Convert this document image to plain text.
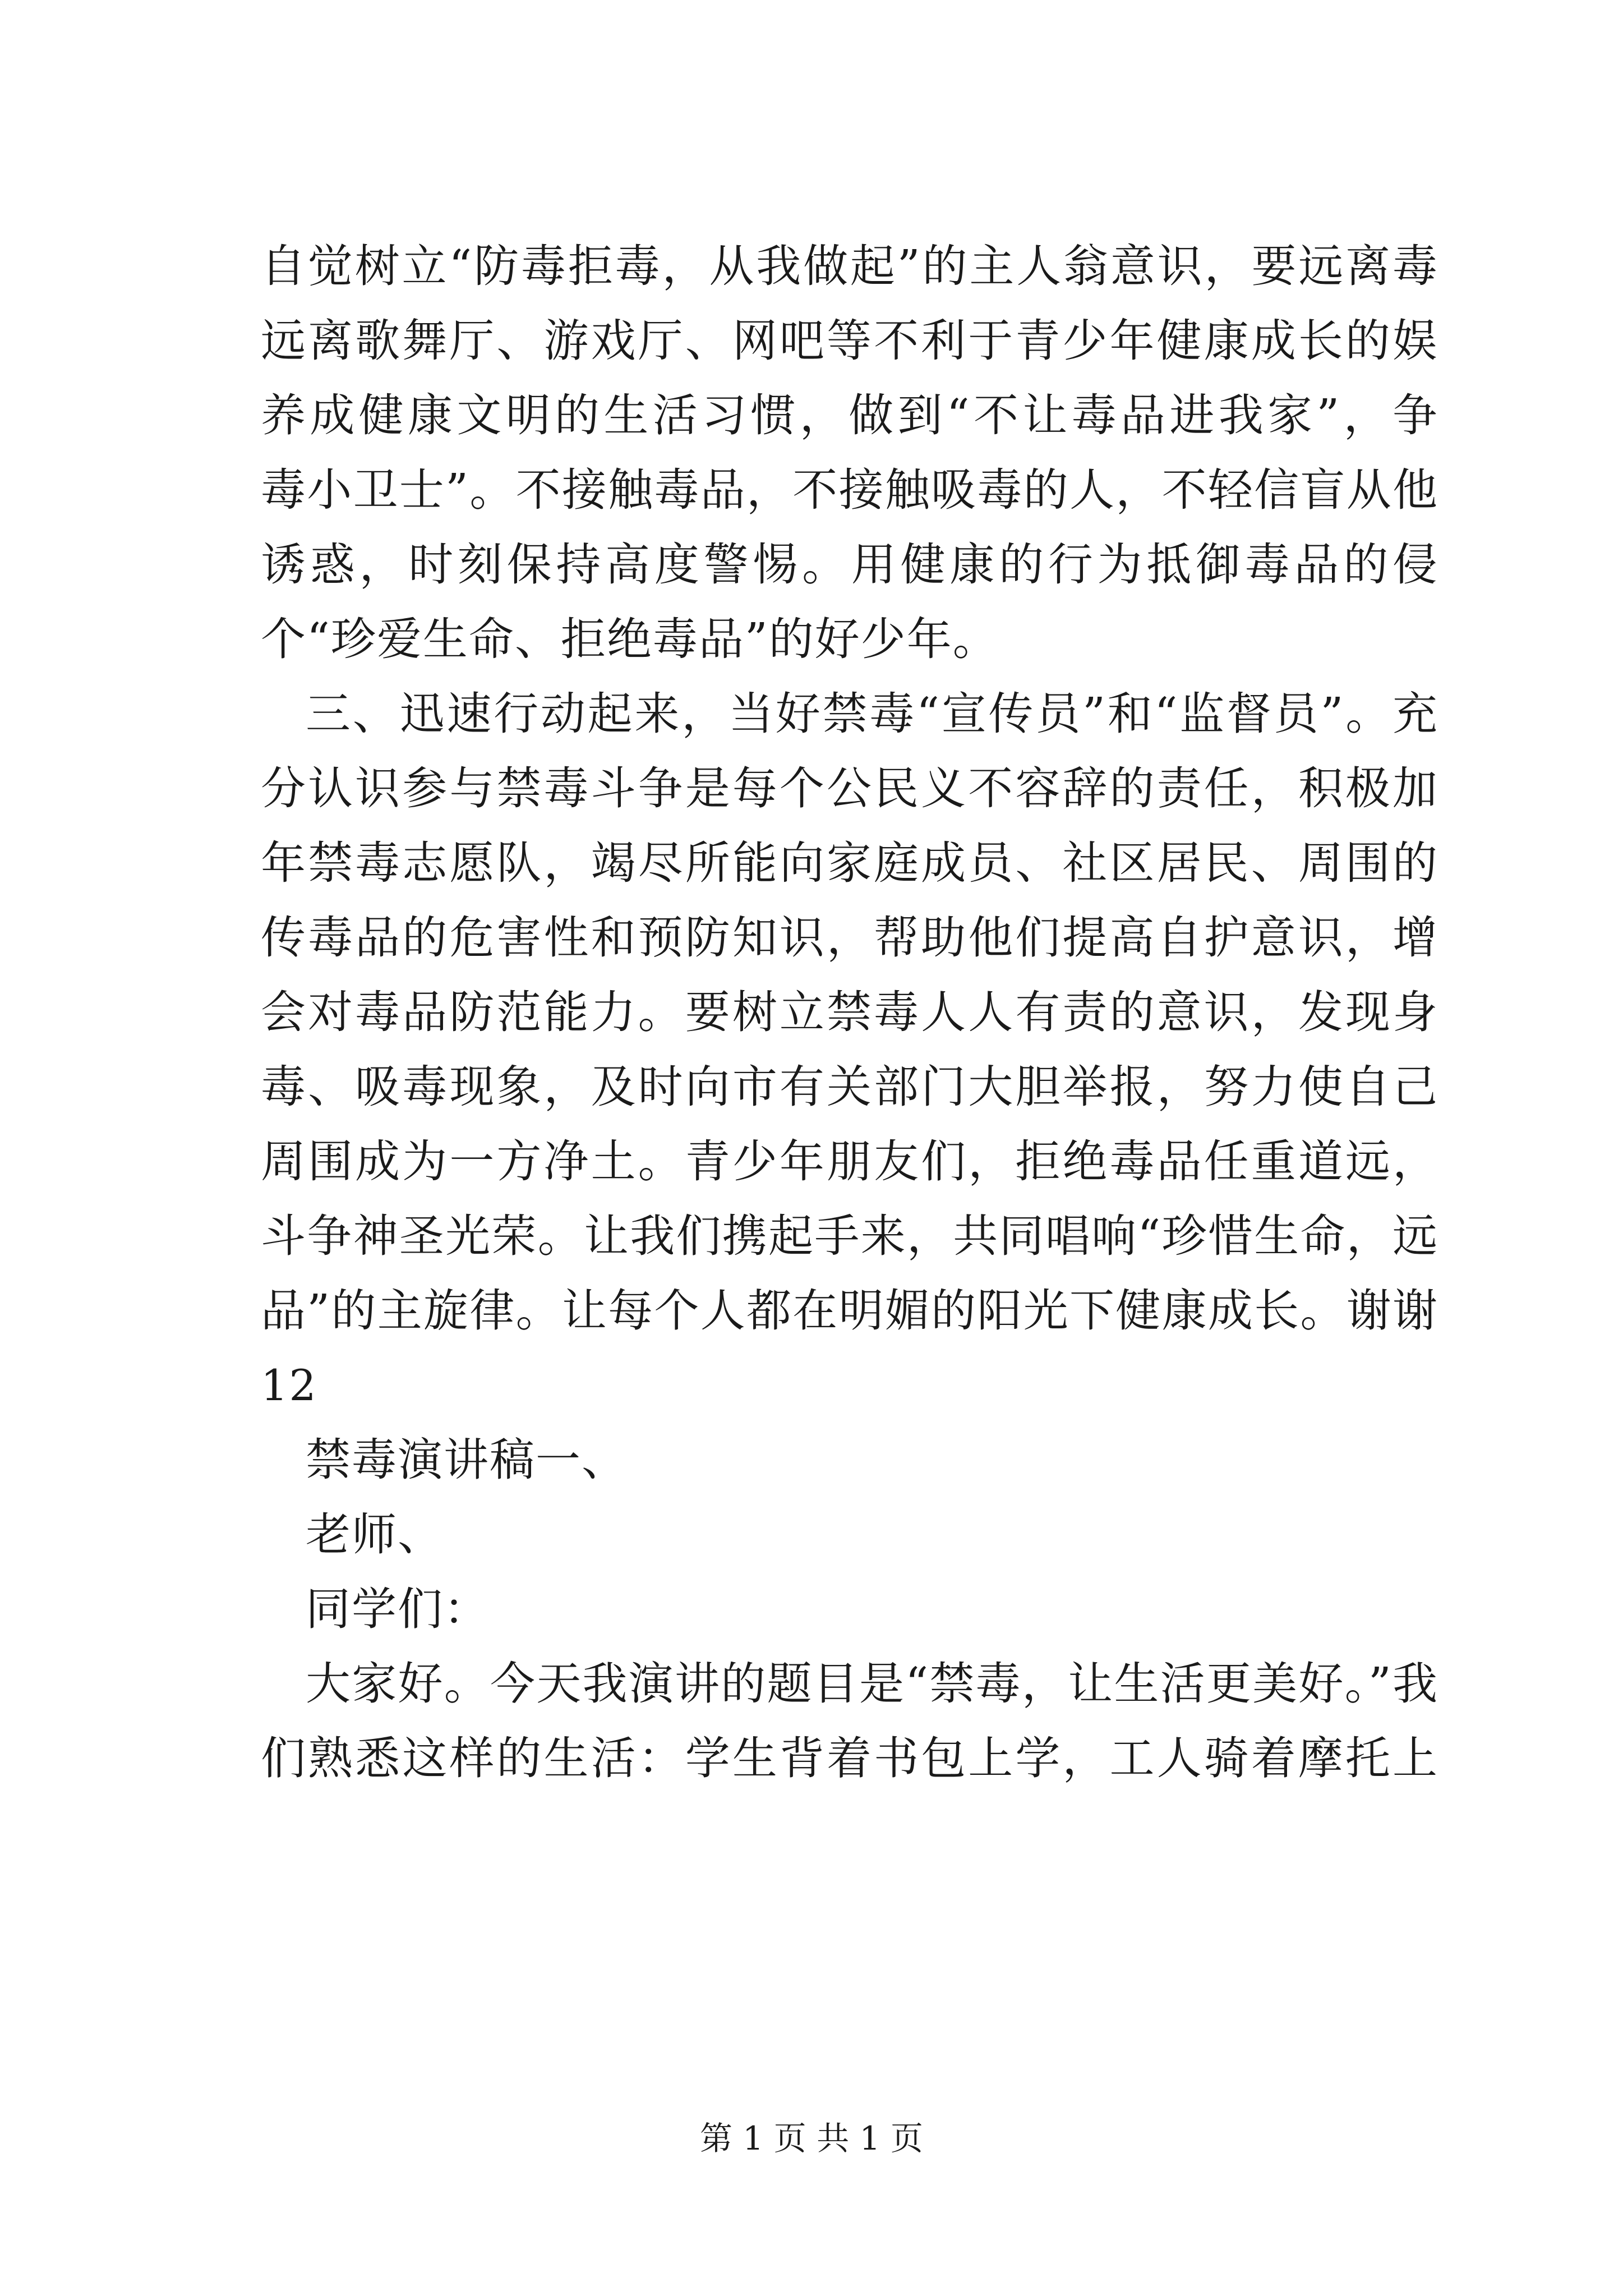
自觉树立“防毒拒毒，从我做起”的主人翁意识，要远离毒
远离歌舞厅、游戏厅、网吧等不利于青少年健康成长的娱
养成健康文明的生活习惯，做到“不让毒品进我家”，争
毒小卫士”。不接触毒品，不接触吸毒的人，不轻信盲从他
诱惑，时刻保持高度警惕。用健康的行为抵御毒品的侵
个“珍爱生命、拒绝毒品”的好少年。
三、迅速行动起来，当好禁毒“宣传员”和“监督员”。充
分认识参与禁毒斗争是每个公民义不容辞的责任，积极加
年禁毒志愿队，竭尽所能向家庭成员、社区居民、周围的
传毒品的危害性和预防知识，帮助他们提高自护意识，增
会对毒品防范能力。要树立禁毒人人有责的意识，发现身
毒、吸毒现象，及时向市有关部门大胆举报，努力使自己
周围成为一方净土。青少年朋友们，拒绝毒品任重道远，
斗争神圣光荣。让我们携起手来，共同唱响“珍惜生命，远
品”的主旋律。让每个人都在明媚的阳光下健康成长。谢谢
12
禁毒演讲稿一、
老师、
同学们：
大家好。今天我演讲的题目是“禁毒，让生活更美好。”我
们熟悉这样的生活：学生背着书包上学，工人骑着摩托上
第 1 页 共 1 页
